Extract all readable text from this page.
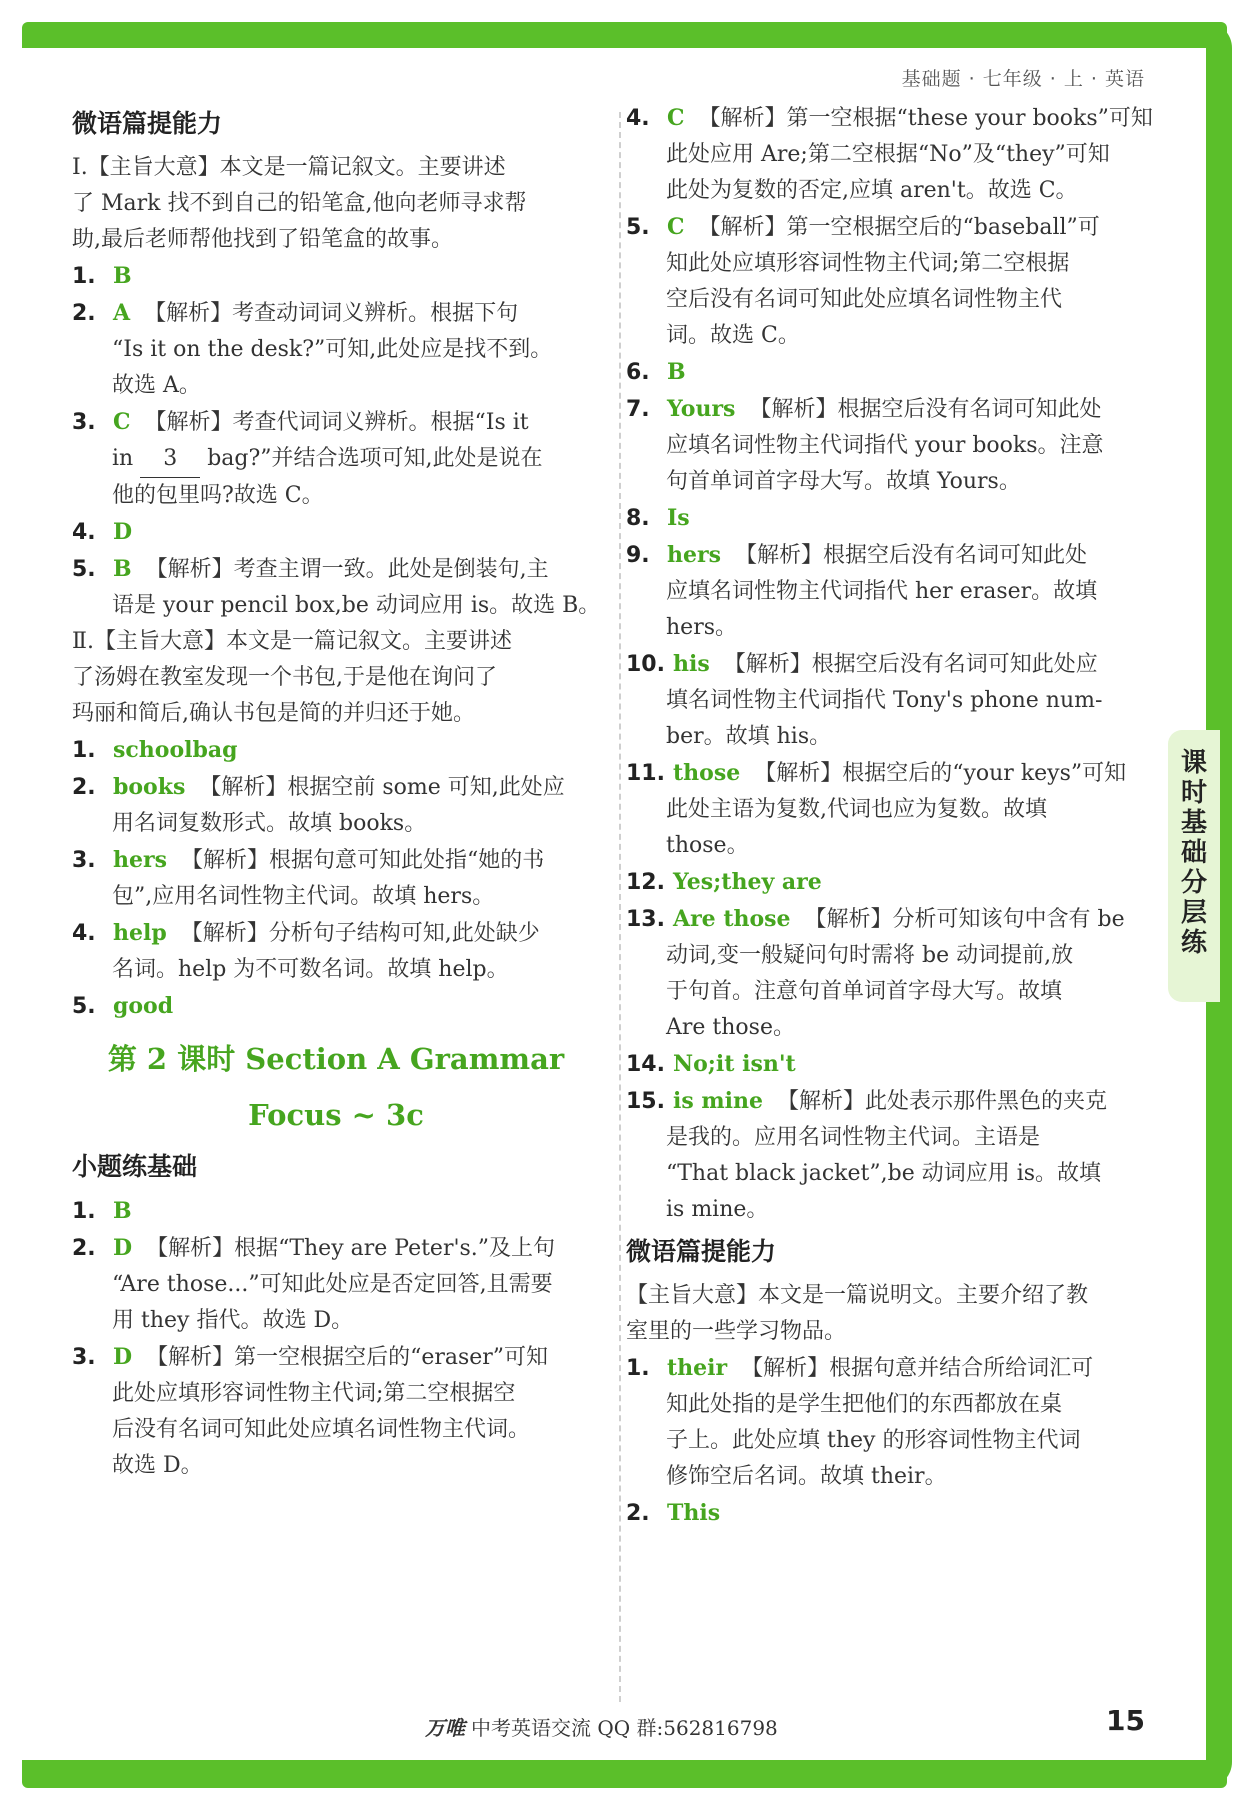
基础题 · 七年级 · 上 · 英语
课时基础分层练
微语篇提能力
Ⅰ.【主旨大意】本文是一篇记叙文。主要讲述
了 Mark 找不到自己的铅笔盒,他向老师寻求帮
助,最后老师帮他找到了铅笔盒的故事。
1. B
2. A 【解析】考查动词词义辨析。根据下句
“Is it on the desk?”可知,此处应是找不到。
故选 A。
3. C 【解析】考查代词词义辨析。根据“Is it
in 3 bag?”并结合选项可知,此处是说在
他的包里吗?故选 C。
4. D
5. B 【解析】考查主谓一致。此处是倒装句,主
语是 your pencil box,be 动词应用 is。故选 B。
Ⅱ.【主旨大意】本文是一篇记叙文。主要讲述
了汤姆在教室发现一个书包,于是他在询问了
玛丽和简后,确认书包是简的并归还于她。
1. schoolbag
2. books 【解析】根据空前 some 可知,此处应
用名词复数形式。故填 books。
3. hers 【解析】根据句意可知此处指“她的书
包”,应用名词性物主代词。故填 hers。
4. help 【解析】分析句子结构可知,此处缺少
名词。help 为不可数名词。故填 help。
5. good
第 2 课时 Section A Grammar
Focus ~ 3c
小题练基础
1. B
2. D 【解析】根据“They are Peter's.”及上句
“Are those...”可知此处应是否定回答,且需要
用 they 指代。故选 D。
3. D 【解析】第一空根据空后的“eraser”可知
此处应填形容词性物主代词;第二空根据空
后没有名词可知此处应填名词性物主代词。
故选 D。
4. C 【解析】第一空根据“these your books”可知
此处应用 Are;第二空根据“No”及“they”可知
此处为复数的否定,应填 aren't。故选 C。
5. C 【解析】第一空根据空后的“baseball”可
知此处应填形容词性物主代词;第二空根据
空后没有名词可知此处应填名词性物主代
词。故选 C。
6. B
7. Yours 【解析】根据空后没有名词可知此处
应填名词性物主代词指代 your books。注意
句首单词首字母大写。故填 Yours。
8. Is
9. hers 【解析】根据空后没有名词可知此处
应填名词性物主代词指代 her eraser。故填
hers。
10. his 【解析】根据空后没有名词可知此处应
填名词性物主代词指代 Tony's phone num-
ber。故填 his。
11. those 【解析】根据空后的“your keys”可知
此处主语为复数,代词也应为复数。故填
those。
12. Yes;they are
13. Are those 【解析】分析可知该句中含有 be
动词,变一般疑问句时需将 be 动词提前,放
于句首。注意句首单词首字母大写。故填
Are those。
14. No;it isn't
15. is mine 【解析】此处表示那件黑色的夹克
是我的。应用名词性物主代词。主语是
“That black jacket”,be 动词应用 is。故填
is mine。
微语篇提能力
【主旨大意】本文是一篇说明文。主要介绍了教
室里的一些学习物品。
1. their 【解析】根据句意并结合所给词汇可
知此处指的是学生把他们的东西都放在桌
子上。此处应填 they 的形容词性物主代词
修饰空后名词。故填 their。
2. This
万唯 中考英语交流 QQ 群:562816798	15
